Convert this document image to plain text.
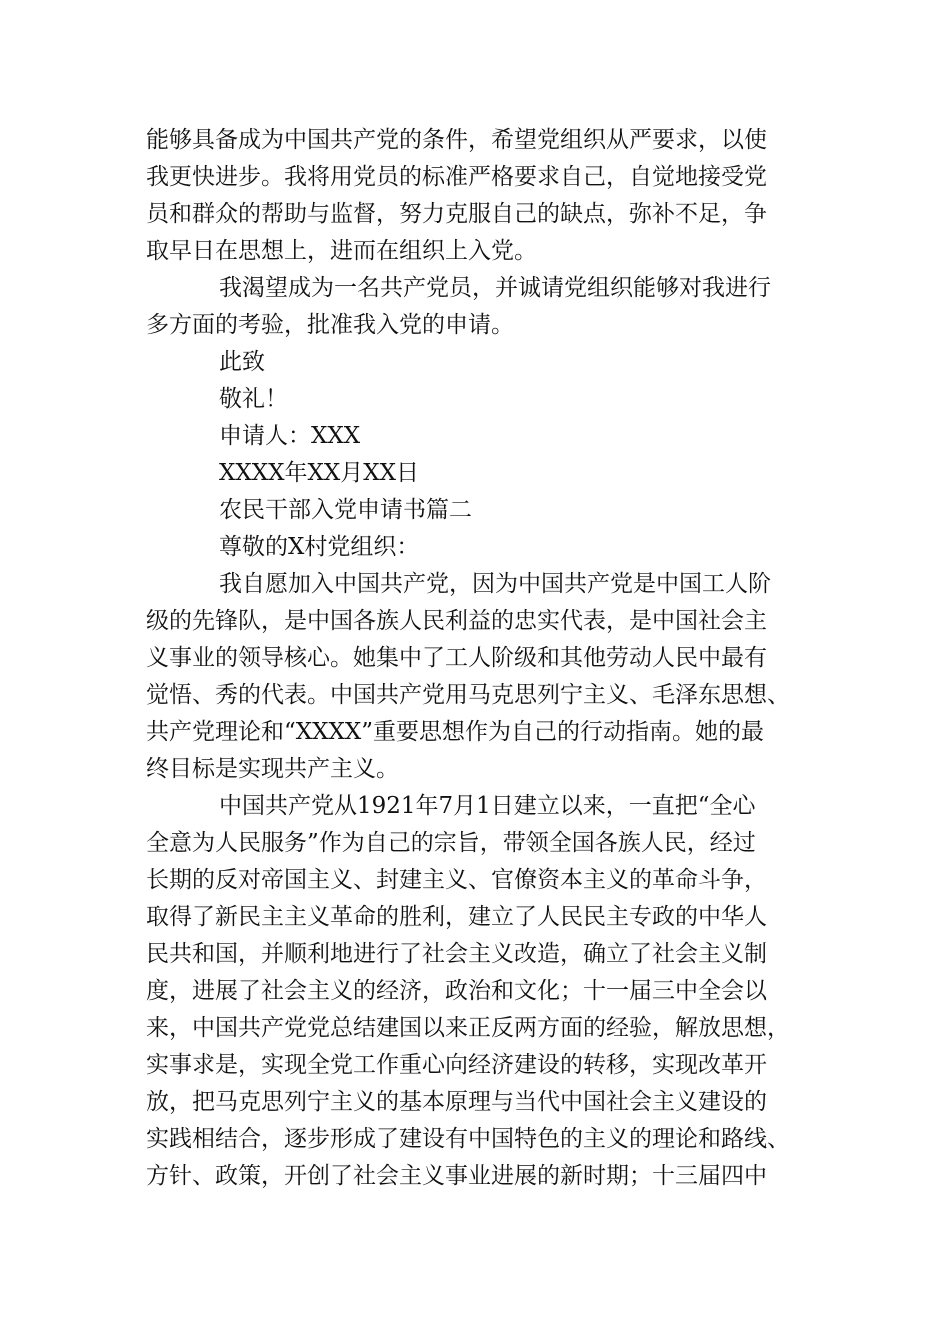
能够具备成为中国共产党的条件，希望党组织从严要求，以使
我更快进步。我将用党员的标准严格要求自己，自觉地接受党
员和群众的帮助与监督，努力克服自己的缺点，弥补不足，争
取早日在思想上，进而在组织上入党。
我渴望成为一名共产党员，并诚请党组织能够对我进行
多方面的考验，批准我入党的申请。
此致
敬礼！
申请人：XXX
XXXX年XX月XX日
农民干部入党申请书篇二
尊敬的X村党组织：
我自愿加入中国共产党，因为中国共产党是中国工人阶
级的先锋队，是中国各族人民利益的忠实代表，是中国社会主
义事业的领导核心。她集中了工人阶级和其他劳动人民中最有
觉悟、秀的代表。中国共产党用马克思列宁主义、毛泽东思想、
共产党理论和“XXXX”重要思想作为自己的行动指南。她的最
终目标是实现共产主义。
中国共产党从1921年7月1日建立以来，一直把“全心
全意为人民服务”作为自己的宗旨，带领全国各族人民，经过
长期的反对帝国主义、封建主义、官僚资本主义的革命斗争，
取得了新民主主义革命的胜利，建立了人民民主专政的中华人
民共和国，并顺利地进行了社会主义改造，确立了社会主义制
度，进展了社会主义的经济，政治和文化；十一届三中全会以
来，中国共产党党总结建国以来正反两方面的经验，解放思想，
实事求是，实现全党工作重心向经济建设的转移，实现改革开
放，把马克思列宁主义的基本原理与当代中国社会主义建设的
实践相结合，逐步形成了建设有中国特色的主义的理论和路线、
方针、政策，开创了社会主义事业进展的新时期；十三届四中
